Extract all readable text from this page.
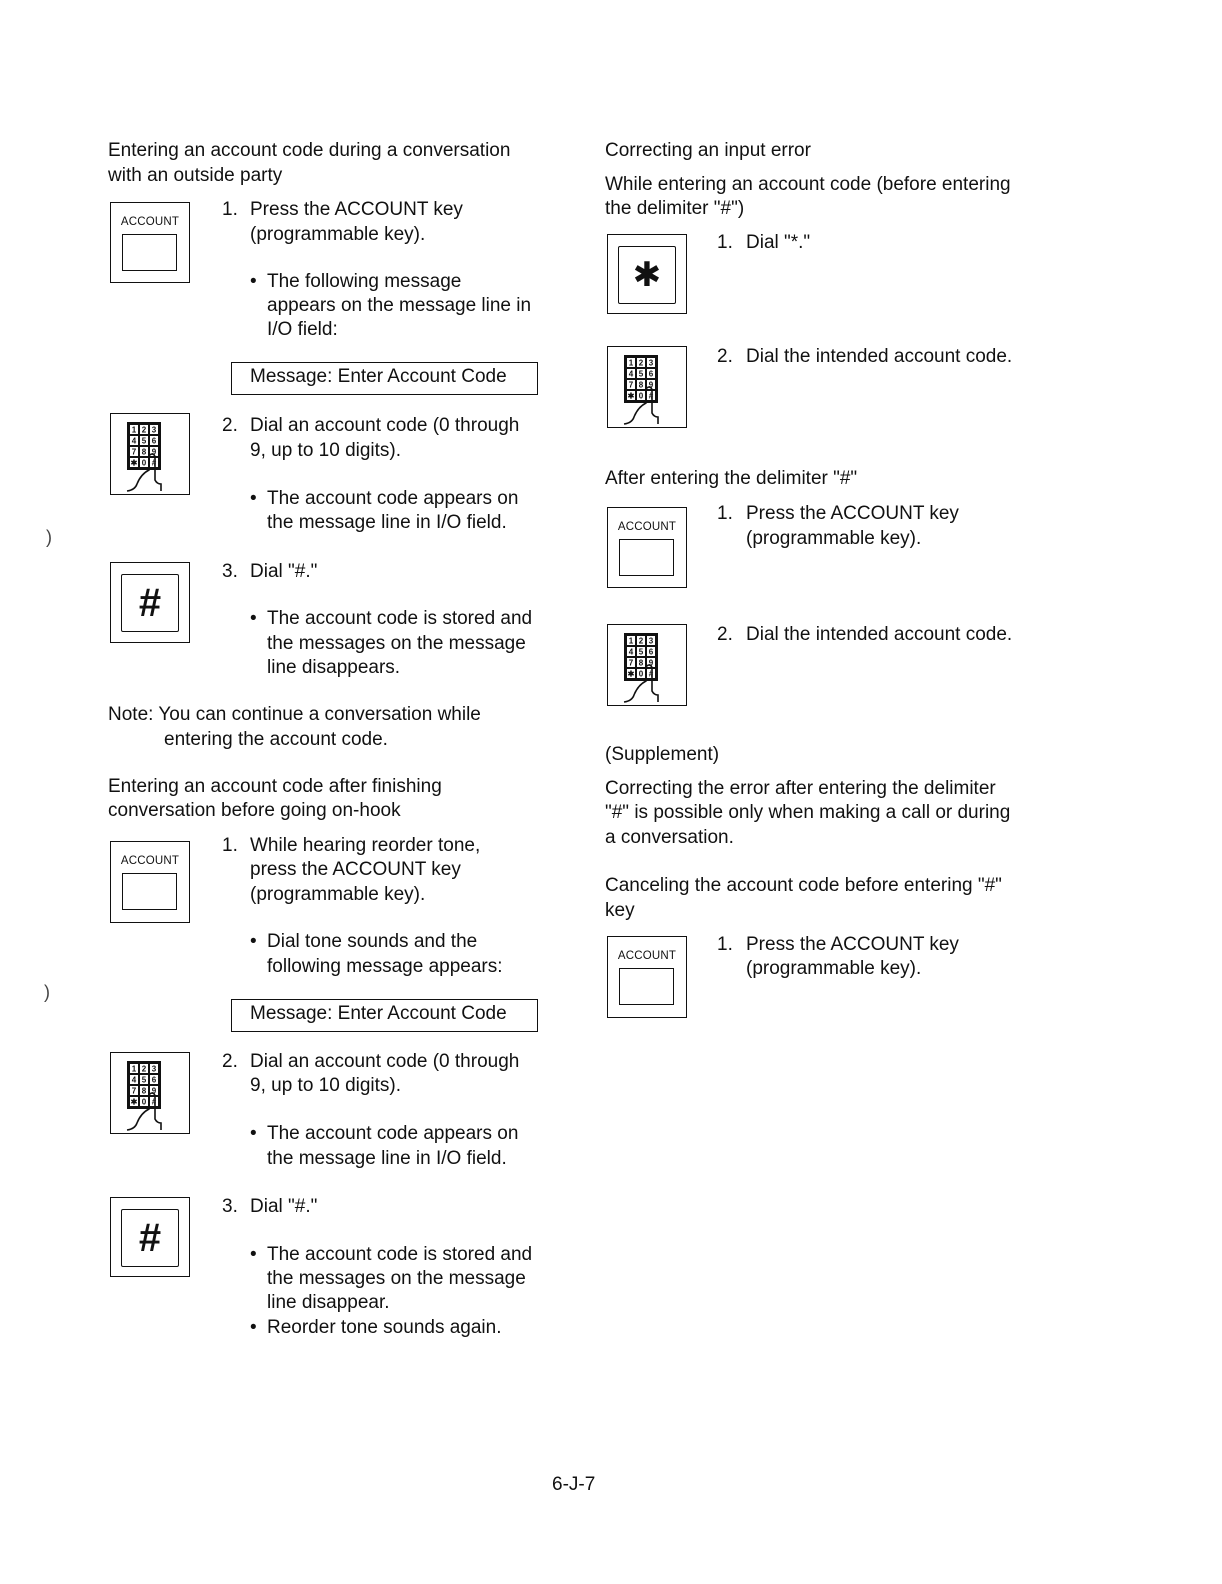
Entering an account code during a conversation
with an outside party
ACCOUNT
1. Press the ACCOUNT key
(programmable key).
• The following message
appears on the message line in
I/O field:
Message: Enter Account Code
1 2 3
4 5 6
7 8 9
✱ 0 #
2. Dial an account code (0 through
9, up to 10 digits).
• The account code appears on
the message line in I/O field.
#
3. Dial "#."
• The account code is stored and
the messages on the message
line disappears.
Note: You can continue a conversation while
entering the account code.
Entering an account code after finishing
conversation before going on-hook
ACCOUNT
1. While hearing reorder tone,
press the ACCOUNT key
(programmable key).
• Dial tone sounds and the
following message appears:
Message: Enter Account Code
1 2 3
4 5 6
7 8 9
✱ 0 #
2. Dial an account code (0 through
9, up to 10 digits).
• The account code appears on
the message line in I/O field.
#
3. Dial "#."
• The account code is stored and
the messages on the message
line disappear.
• Reorder tone sounds again.
Correcting an input error
While entering an account code (before entering
the delimiter "#")
✱
1. Dial "*."
1 2 3
4 5 6
7 8 9
✱ 0 #
2. Dial the intended account code.
After entering the delimiter "#"
ACCOUNT
1. Press the ACCOUNT key
(programmable key).
1 2 3
4 5 6
7 8 9
✱ 0 #
2. Dial the intended account code.
(Supplement)
Correcting the error after entering the delimiter
"#" is possible only when making a call or during
a conversation.
Canceling the account code before entering "#"
key
ACCOUNT
1. Press the ACCOUNT key
(programmable key).
6-J-7
)
)
